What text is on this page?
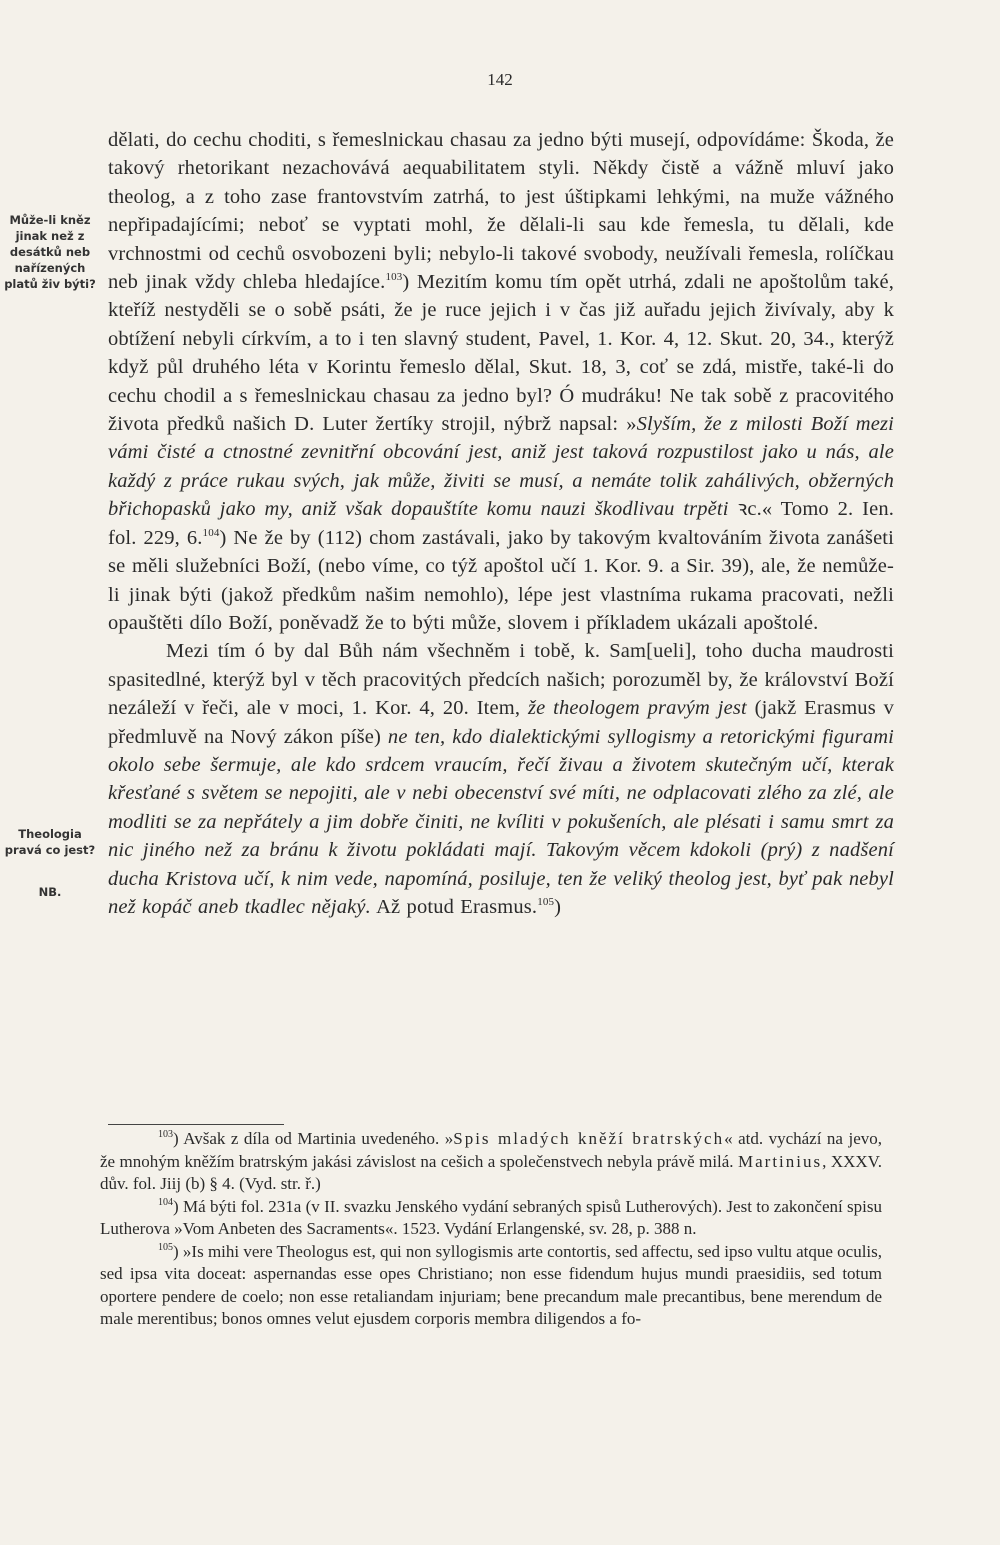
142
Může-li kněz jinak než z desátků neb nařízených platů živ býti?
Theologia pravá co jest?
NB.

dělati, do cechu choditi, s řemeslnickau chasau za jedno býti musejí, odpovídáme: Škoda, že takový rhetorikant nezachovává aequabilitatem styli. Někdy čistě a vážně mluví jako theolog, a z toho zase frantovstvím zatrhá, to jest úštipkami lehkými, na muže vážného nepřipadajícími; neboť se vyptati mohl, že dělali-li sau kde řemesla, tu dělali, kde vrchnostmi od cechů osvobozeni byli; nebylo-li takové svobody, neužívali řemesla, rolíčkau neb jinak vždy chleba hledajíce.$^{103}$) Mezitím komu tím opět utrhá, zdali ne apoštolům také, kteříž nestyděli se o sobě psáti, že je ruce jejich i v čas již auřadu jejich živívaly, aby k obtížení nebyli církvím, a to i ten slavný student, Pavel, 1. Kor. 4, 12. Skut. 20, 34., kterýž když půl druhého léta v Korintu řemeslo dělal, Skut. 18, 3, coť se zdá, mistře, také-li do cechu chodil a s řemeslnickau chasau za jedno byl? Ó mudráku! Ne tak sobě z pracovitého života předků našich D. Luter žertíky strojil, nýbrž napsal: »Slyším, že z milosti Boží mezi vámi čisté a ctnostné zevnitřní obcování jest, aniž jest taková rozpustilost jako u nás, ale každý z práce rukau svých, jak může, živiti se musí, a nemáte tolik zahálivých, obžerných břichopasků jako my, aniž však dopauštíte komu nauzi škodlivau trpěti ꝛc.« Tomo 2. Ien. fol. 229, 6.$^{104}$) Ne že by (112) chom zastávali, jako by takovým kvaltováním života zanášeti se měli služebníci Boží, (nebo víme, co týž apoštol učí 1. Kor. 9. a Sir. 39), ale, že nemůže-li jinak býti (jakož předkům našim nemohlo), lépe jest vlastníma rukama pracovati, nežli opauštěti dílo Boží, poněvadž že to býti může, slovem i příkladem ukázali apoštolé.

Mezi tím ó by dal Bůh nám všechněm i tobě, k. Sam[ueli], toho ducha maudrosti spasitedlné, kterýž byl v těch pracovitých předcích našich; porozuměl by, že království Boží nezáleží v řeči, ale v moci, 1. Kor. 4, 20. Item, že theologem pravým jest (jakž Erasmus v předmluvě na Nový zákon píše) ne ten, kdo dialektickými syllogismy a retorickými figurami okolo sebe šermuje, ale kdo srdcem vraucím, řečí živau a životem skutečným učí, kterak křesťané s světem se nepojiti, ale v nebi obecenství své míti, ne odplacovati zlého za zlé, ale modliti se za nepřátely a jim dobře činiti, ne kvíliti v pokušeních, ale plésati i samu smrt za nic jiného než za bránu k životu pokládati mají. Takovým věcem kdokoli (prý) z nadšení ducha Kristova učí, k nim vede, napomíná, posiluje, ten že veliký theolog jest, byť pak nebyl než kopáč aneb tkadlec nějaký. Až potud Erasmus.$^{105}$)

$^{103}$) Avšak z díla od Martinia uvedeného. »Spis mladých kněží bratrských« atd. vychází na jevo, že mnohým kněžím bratrským jakási závislost na cešich a společenstvech nebyla právě milá. Martinius, XXXV. dův. fol. Jiij (b) § 4. (Vyd. str. ř.)

$^{104}$) Má býti fol. 231a (v II. svazku Jenského vydání sebraných spisů Lutherových). Jest to zakončení spisu Lutherova »Vom Anbeten des Sacraments«. 1523. Vydání Erlangenské, sv. 28, p. 388 n.

$^{105}$) »Is mihi vere Theologus est, qui non syllogismis arte contortis, sed affectu, sed ipso vultu atque oculis, sed ipsa vita doceat: aspernandas esse opes Christiano; non esse fidendum hujus mundi praesidiis, sed totum oportere pendere de coelo; non esse retaliandam injuriam; bene precandum male precantibus, bene merendum de male merentibus; bonos omnes velut ejusdem corporis membra diligendos a fo-
